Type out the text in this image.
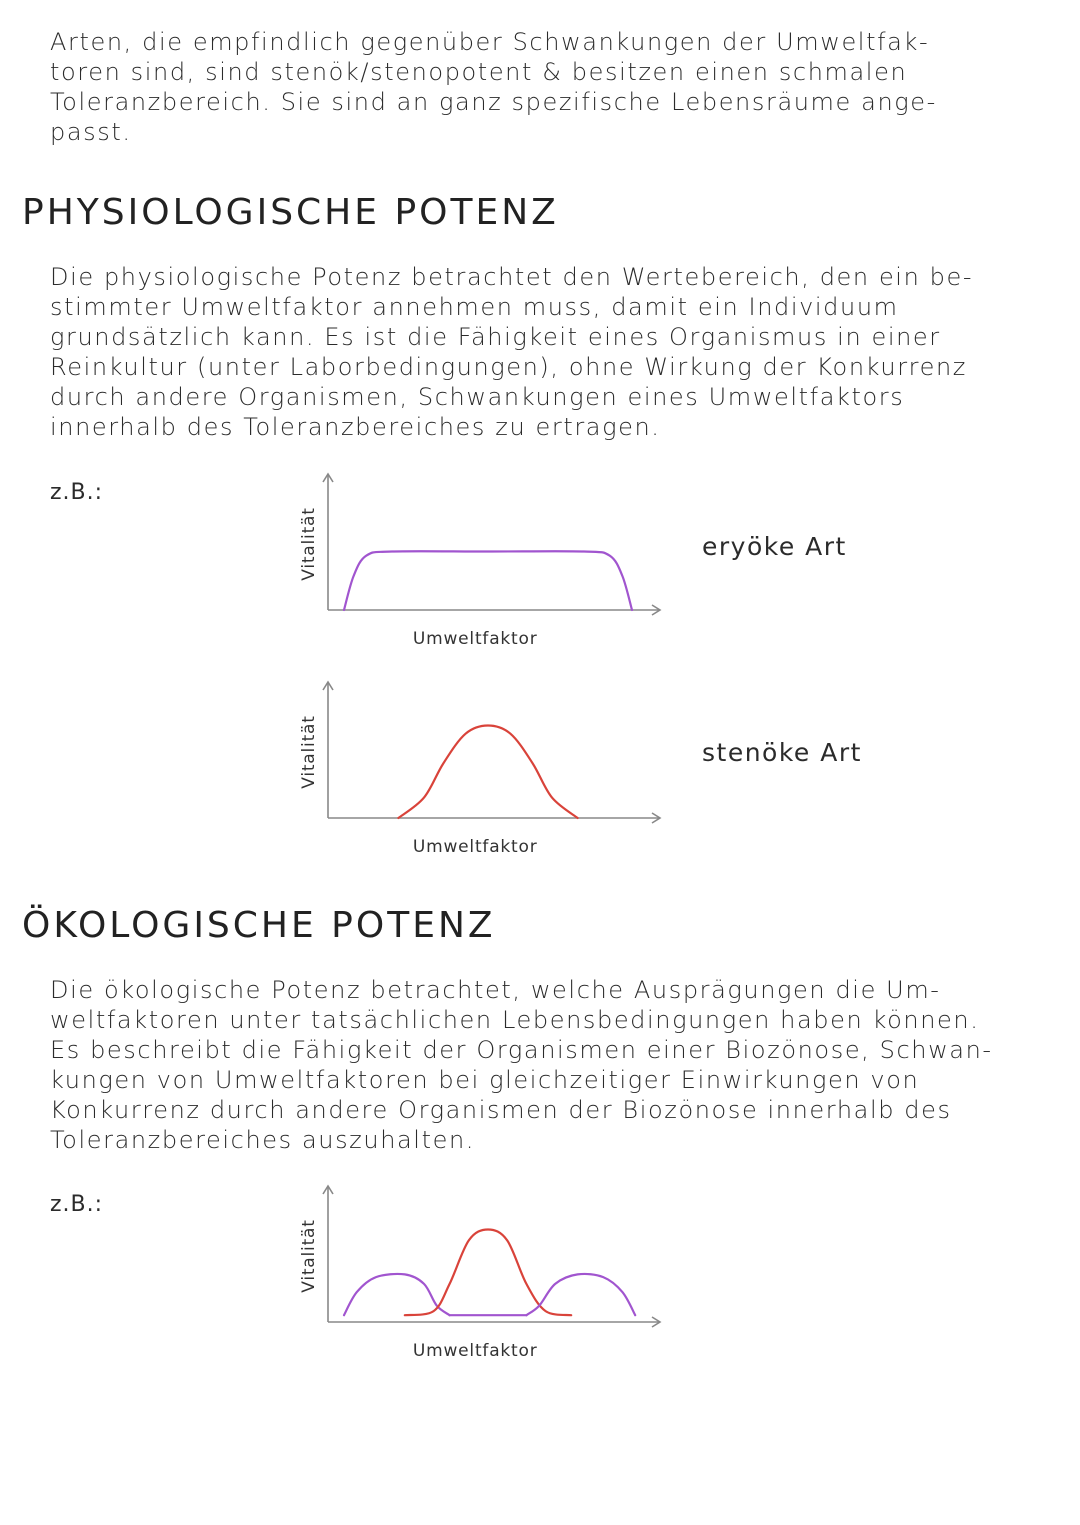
Arten, die empfindlich gegenüber Schwankungen der Umweltfak-
toren sind, sind stenök/stenopotent & besitzen einen schmalen
Toleranzbereich. Sie sind an ganz spezifische Lebensräume ange-
passt.
PHYSIOLOGISCHE POTENZ
Die physiologische Potenz betrachtet den Wertebereich, den ein be-
stimmter Umweltfaktor annehmen muss, damit ein Individuum
grundsätzlich kann. Es ist die Fähigkeit eines Organismus in einer
Reinkultur (unter Laborbedingungen), ohne Wirkung der Konkurrenz
durch andere Organismen, Schwankungen eines Umweltfaktors
innerhalb des Toleranzbereiches zu ertragen.
z.B.:
Vitalität
Umweltfaktor
eryöke Art
Vitalität
Umweltfaktor
stenöke Art
ÖKOLOGISCHE POTENZ
Die ökologische Potenz betrachtet, welche Ausprägungen die Um-
weltfaktoren unter tatsächlichen Lebensbedingungen haben können.
Es beschreibt die Fähigkeit der Organismen einer Biozönose, Schwan-
kungen von Umweltfaktoren bei gleichzeitiger Einwirkungen von
Konkurrenz durch andere Organismen der Biozönose innerhalb des
Toleranzbereiches auszuhalten.
z.B.:
Vitalität
Umweltfaktor
